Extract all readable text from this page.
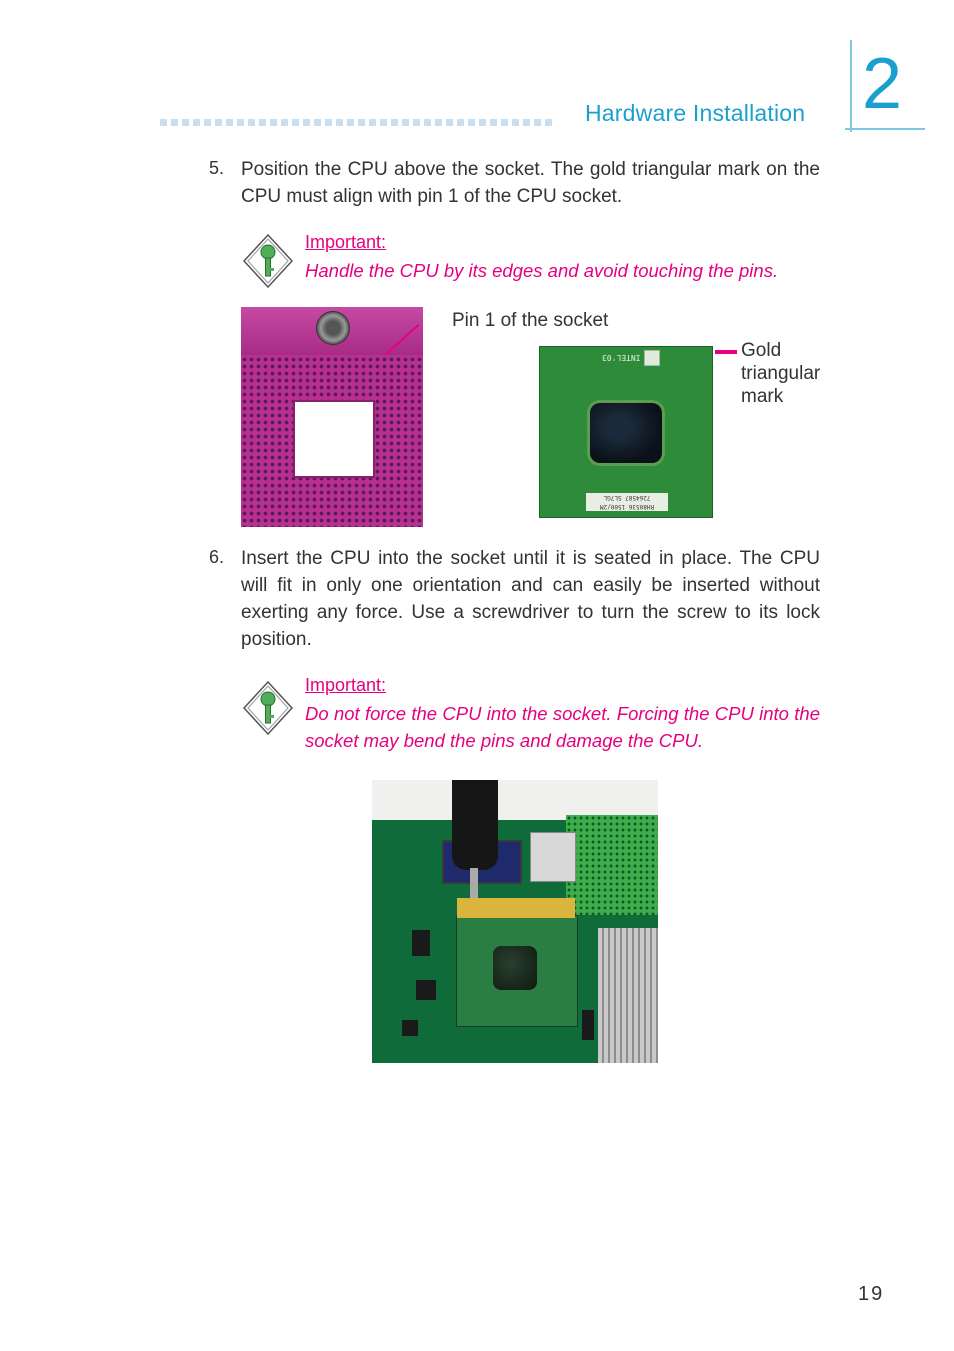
Hardware Installation 2
5. Position the CPU above the socket. The gold triangular mark on the CPU must align with pin 1 of the CPU socket.
Important:
Handle the CPU by its edges and avoid touching the pins.
Pin 1 of the socket
INTEL'03
RH80536 1500/2M
7264587 SL7GL
Gold triangular mark
6. Insert the CPU into the socket until it is seated in place. The CPU will fit in only one orientation and can easily be inserted without exerting any force. Use a screwdriver to turn the screw to its lock position.
Important:
Do not force the CPU into the socket. Forcing the CPU into the socket may bend the pins and damage the CPU.
19
